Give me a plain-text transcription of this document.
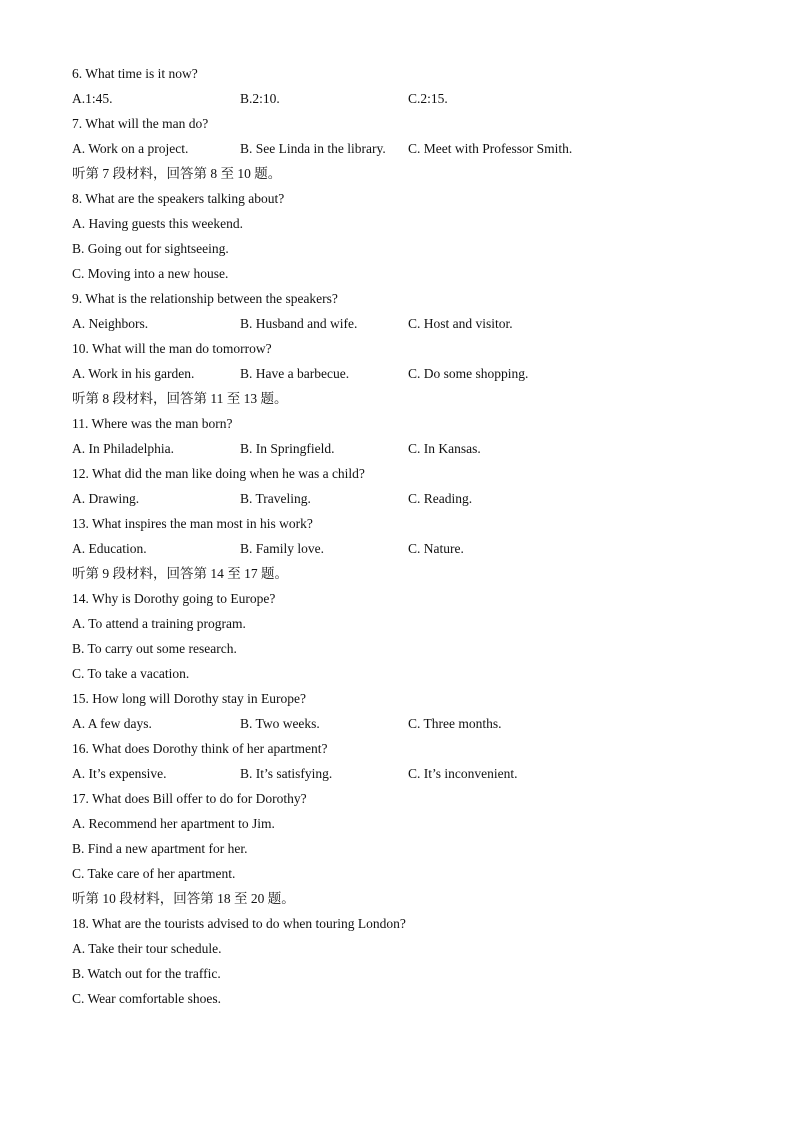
6. What time is it now?
A.1:45.	B.2:10.	C.2:15.
7. What will the man do?
A. Work on a project.	B. See Linda in the library. C. Meet with Professor Smith.
听第 7 段材料，回答第 8 至 10 题。
8. What are the speakers talking about?
A. Having guests this weekend.
B. Going out for sightseeing.
C. Moving into a new house.
9. What is the relationship between the speakers?
A. Neighbors.	B. Husband and wife.	C. Host and visitor.
10. What will the man do tomorrow?
A. Work in his garden.	B. Have a barbecue.	C. Do some shopping.
听第 8 段材料，回答第 11 至 13 题。
11. Where was the man born?
A. In Philadelphia.	B. In Springfield.	C. In Kansas.
12. What did the man like doing when he was a child?
A. Drawing.	B. Traveling.	C. Reading.
13. What inspires the man most in his work?
A. Education.	B. Family love.	C. Nature.
听第 9 段材料，回答第 14 至 17 题。
14. Why is Dorothy going to Europe?
A. To attend a training program.
B. To carry out some research.
C. To take a vacation.
15. How long will Dorothy stay in Europe?
A. A few days.	B. Two weeks.	C. Three months.
16. What does Dorothy think of her apartment?
A. It’s expensive.	B. It’s satisfying.	C. It’s inconvenient.
17. What does Bill offer to do for Dorothy?
A. Recommend her apartment to Jim.
B. Find a new apartment for her.
C. Take care of her apartment.
听第 10 段材料，回答第 18 至 20 题。
18. What are the tourists advised to do when touring London?
A. Take their tour schedule.
B. Watch out for the traffic.
C. Wear comfortable shoes.
